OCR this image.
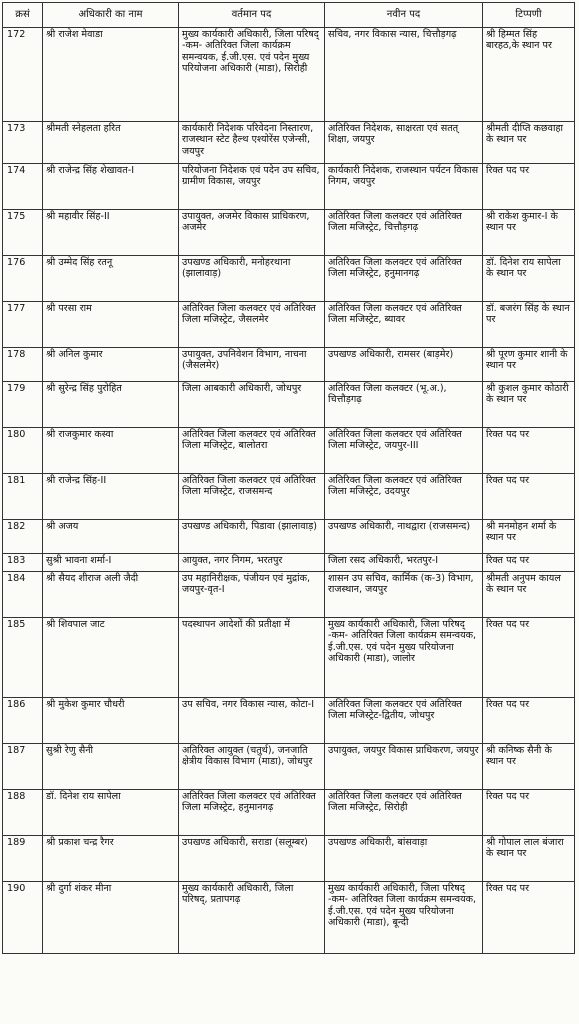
क्रसं	अधिकारी का नाम	वर्तमान पद	नवीन पद	टिप्पणी
172	श्री राजेश मेवाडा	मुख्य कार्यकारी अधिकारी, जिला परिषद् -कम- अतिरिक्त जिला कार्यक्रम समन्वयक, ई.जी.एस. एवं पदेन मुख्य परियोजना अधिकारी (माडा), सिरोही	सचिव, नगर विकास न्यास, चित्तौड़गढ़	श्री हिम्मत सिंह बारहठ,के स्थान पर
173	श्रीमती स्नेहलता हरित	कार्यकारी निदेशक परिवेदना निस्तारण, राजस्थान स्टेट हैल्थ एश्योरेंस एजेन्सी, जयपुर	अतिरिक्त निदेशक, साक्षरता एवं सतत् शिक्षा, जयपुर	श्रीमती दीप्ति कछवाहा के स्थान पर
174	श्री राजेन्द्र सिंह शेखावत-I	परियोजना निदेशक एवं पदेन उप सचिव, ग्रामीण विकास, जयपुर	कार्यकारी निदेशक, राजस्थान पर्यटन विकास निगम, जयपुर	रिक्त पद पर
175	श्री महावीर सिंह-II	उपायुक्त, अजमेर विकास प्राधिकरण, अजमेर	अतिरिक्त जिला कलक्टर एवं अतिरिक्त जिला मजिस्ट्रेट, चित्तौड़गढ़	श्री राकेश कुमार-I के स्थान पर
176	श्री उम्मेद सिंह रतनू	उपखण्ड अधिकारी, मनोहरथाना (झालावाड़)	अतिरिक्त जिला कलक्टर एवं अतिरिक्त जिला मजिस्ट्रेट, हनुमानगढ़	डॉ. दिनेश राय सापेला के स्थान पर
177	श्री परसा राम	अतिरिक्त जिला कलक्टर एवं अतिरिक्त जिला मजिस्ट्रेट, जैसलमेर	अतिरिक्त जिला कलक्टर एवं अतिरिक्त जिला मजिस्ट्रेट, ब्यावर	डॉ. बजरंग सिंह के स्थान पर
178	श्री अनिल कुमार	उपायुक्त, उपनिवेशन विभाग, नाचना (जैसलमेर)	उपखण्ड अधिकारी, रामसर (बाड़मेर)	श्री पूरण कुमार शानी के स्थान पर
179	श्री सुरेन्द्र सिंह पुरोहित	जिला आबकारी अधिकारी, जोधपुर	अतिरिक्त जिला कलक्टर (भू.अ.), चित्तौड़गढ़	श्री कुशल कुमार कोठारी के स्थान पर
180	श्री राजकुमार कस्वा	अतिरिक्त जिला कलक्टर एवं अतिरिक्त जिला मजिस्ट्रेट, बालोतरा	अतिरिक्त जिला कलक्टर एवं अतिरिक्त जिला मजिस्ट्रेट, जयपुर-III	रिक्त पद पर
181	श्री राजेन्द्र सिंह-II	अतिरिक्त जिला कलक्टर एवं अतिरिक्त जिला मजिस्ट्रेट, राजसमन्द	अतिरिक्त जिला कलक्टर एवं अतिरिक्त जिला मजिस्ट्रेट, उदयपुर	रिक्त पद पर
182	श्री अजय	उपखण्ड अधिकारी, पिडावा (झालावाड़)	उपखण्ड अधिकारी, नाथद्वारा (राजसमन्द)	श्री मनमोहन शर्मा के स्थान पर
183	सुश्री भावना शर्मा-I	आयुक्त, नगर निगम, भरतपुर	जिला रसद अधिकारी, भरतपुर-I	रिक्त पद पर
184	श्री सैयद शीराज अली जैदी	उप महानिरीक्षक, पंजीयन एवं मुद्रांक, जयपुर-वृत-I	शासन उप सचिव, कार्मिक (क-3) विभाग, राजस्थान, जयपुर	श्रीमती अनुपम कायल के स्थान पर
185	श्री शिवपाल जाट	पदस्थापन आदेशों की प्रतीक्षा में	मुख्य कार्यकारी अधिकारी, जिला परिषद् -कम- अतिरिक्त जिला कार्यक्रम समन्वयक, ई.जी.एस. एवं पदेन मुख्य परियोजना अधिकारी (माडा), जालोर	रिक्त पद पर
186	श्री मुकेश कुमार चौधरी	उप सचिव, नगर विकास न्यास, कोटा-I	अतिरिक्त जिला कलक्टर एवं अतिरिक्त जिला मजिस्ट्रेट-द्वितीय, जोधपुर	रिक्त पद पर
187	सुश्री रेणु सैनी	अतिरिक्त आयुक्त (चतुर्थ), जनजाति क्षेत्रीय विकास विभाग (माडा), जोधपुर	उपायुक्त, जयपुर विकास प्राधिकरण, जयपुर	श्री कनिष्क सैनी के स्थान पर
188	डॉ. दिनेश राय सापेला	अतिरिक्त जिला कलक्टर एवं अतिरिक्त जिला मजिस्ट्रेट, हनुमानगढ़	अतिरिक्त जिला कलक्टर एवं अतिरिक्त जिला मजिस्ट्रेट, सिरोही	रिक्त पद पर
189	श्री प्रकाश चन्द्र रैगर	उपखण्ड अधिकारी, सराडा (सलूम्बर)	उपखण्ड अधिकारी, बांसवाड़ा	श्री गोपाल लाल बंजारा के स्थान पर
190	श्री दुर्गा शंकर मीना	मुख्य कार्यकारी अधिकारी, जिला परिषद्, प्रतापगढ़	मुख्य कार्यकारी अधिकारी, जिला परिषद् -कम- अतिरिक्त जिला कार्यक्रम समन्वयक, ई.जी.एस. एवं पदेन मुख्य परियोजना अधिकारी (माडा), बून्दी	रिक्त पद पर
